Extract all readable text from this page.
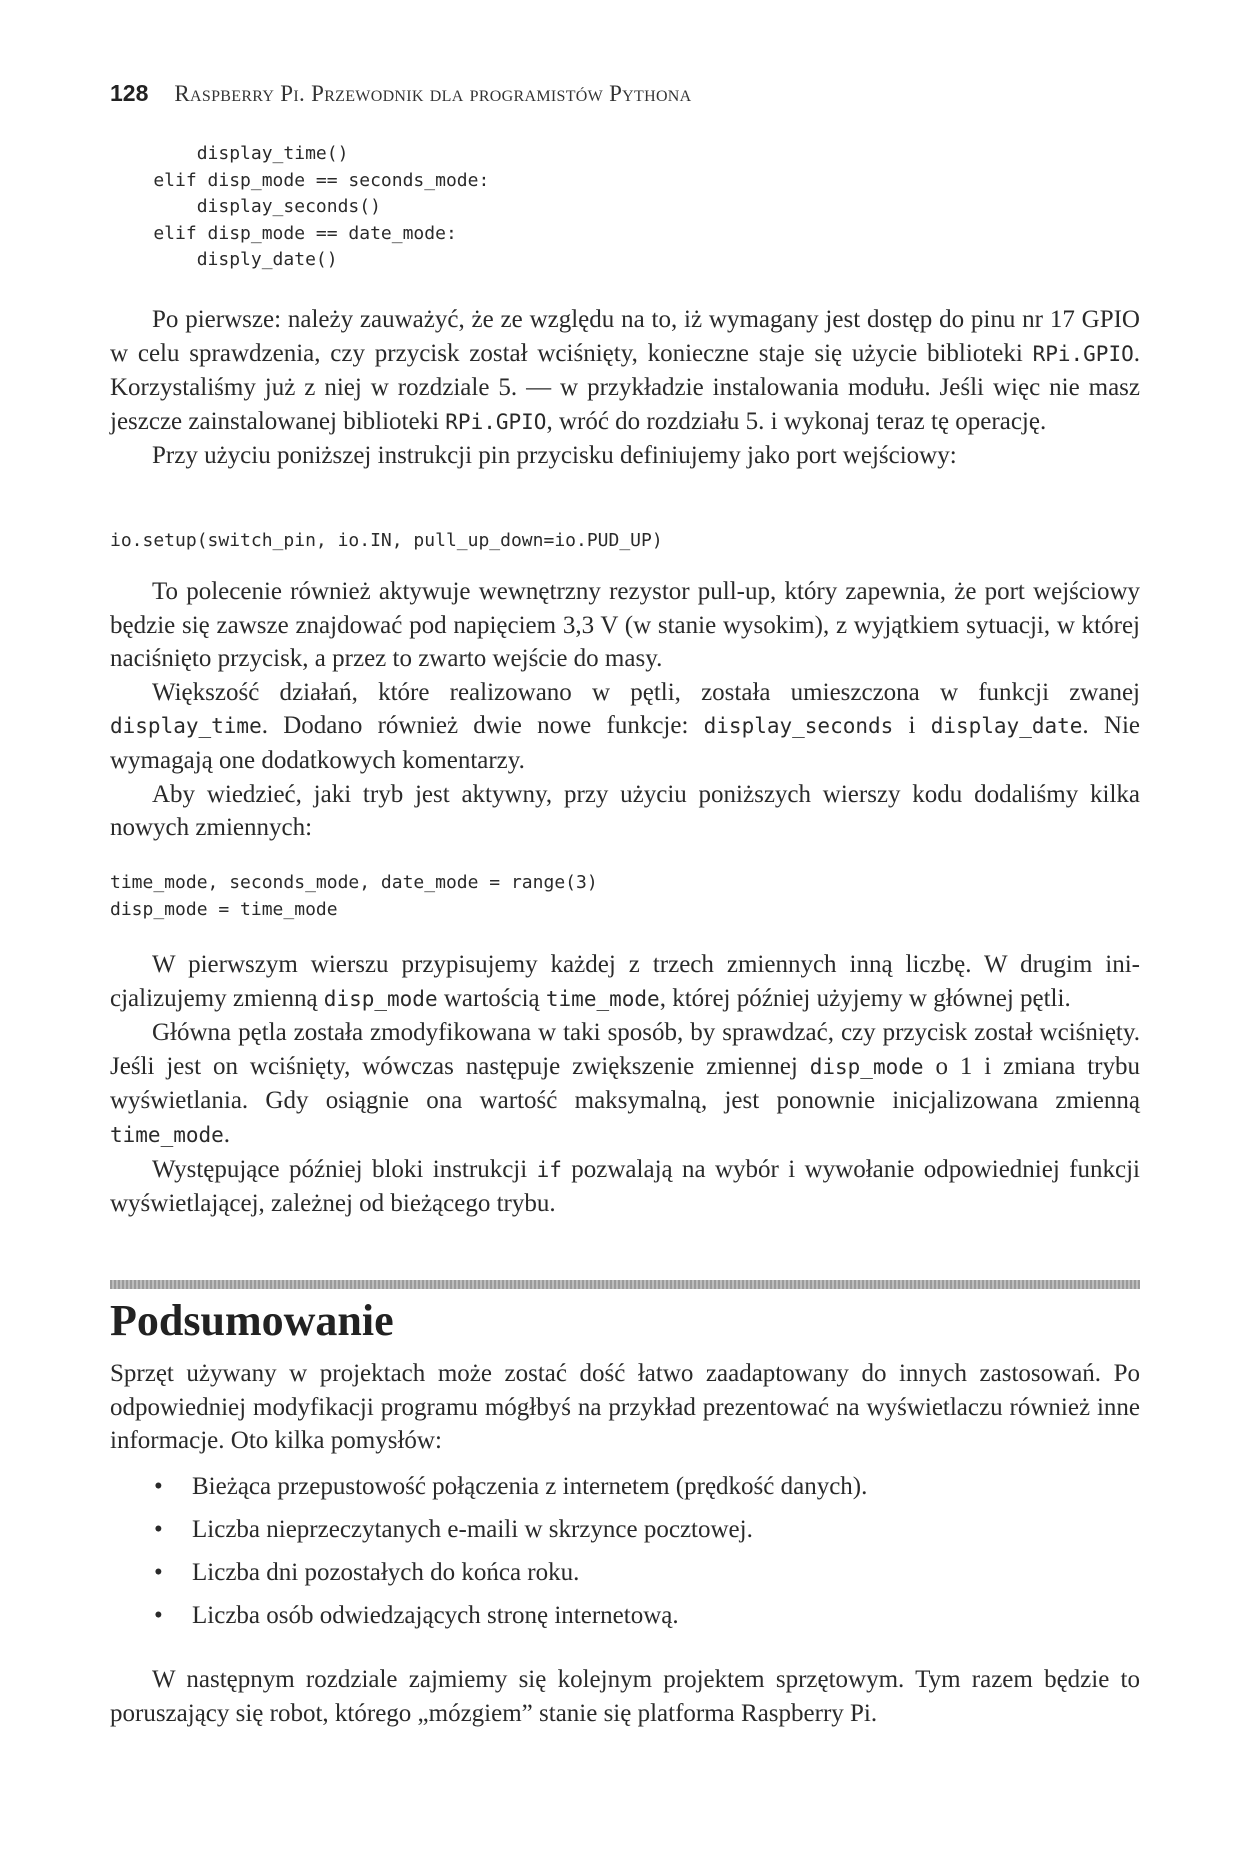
128 Raspberry Pi. Przewodnik dla programistów Pythona
display_time()
elif disp_mode == seconds_mode:
display_seconds()
elif disp_mode == date_mode:
disply_date()

Po pierwsze: należy zauważyć, że ze względu na to, iż wymagany jest dostęp do pinu nr 17 GPIO w celu sprawdzenia, czy przycisk został wciśnięty, konieczne staje się użycie biblioteki RPi.GPIO. Korzystaliśmy już z niej w rozdziale 5. — w przykładzie instalowania modułu. Jeśli więc nie masz jeszcze zainstalowanej biblioteki RPi.GPIO, wróć do rozdziału 5. i wykonaj teraz tę operację.

Przy użyciu poniższej instrukcji pin przycisku definiujemy jako port wejściowy:

io.setup(switch_pin, io.IN, pull_up_down=io.PUD_UP)

To polecenie również aktywuje wewnętrzny rezystor pull-up, który zapewnia, że port wejściowy będzie się zawsze znajdować pod napięciem 3,3 V (w stanie wysokim), z wyjątkiem sytuacji, w której naciśnięto przycisk, a przez to zwarto wejście do masy.

Większość działań, które realizowano w pętli, została umieszczona w funkcji zwanej display_time. Dodano również dwie nowe funkcje: display_seconds i display_date. Nie wymagają one dodatkowych komentarzy.

Aby wiedzieć, jaki tryb jest aktywny, przy użyciu poniższych wierszy kodu dodaliśmy kilka nowych zmiennych:

time_mode, seconds_mode, date_mode = range(3)
disp_mode = time_mode

W pierwszym wierszu przypisujemy każdej z trzech zmiennych inną liczbę. W drugim inicjalizujemy zmienną disp_mode wartością time_mode, której później użyjemy w głównej pętli.

Główna pętla została zmodyfikowana w taki sposób, by sprawdzać, czy przycisk został wciśnięty. Jeśli jest on wciśnięty, wówczas następuje zwiększenie zmiennej disp_mode o 1 i zmiana trybu wyświetlania. Gdy osiągnie ona wartość maksymalną, jest ponownie inicjalizowana zmienną time_mode.

Występujące później bloki instrukcji if pozwalają na wybór i wywołanie odpowiedniej funkcji wyświetlającej, zależnej od bieżącego trybu.

Podsumowanie

Sprzęt używany w projektach może zostać dość łatwo zaadaptowany do innych zastosowań. Po odpowiedniej modyfikacji programu mógłbyś na przykład prezentować na wyświetlaczu również inne informacje. Oto kilka pomysłów:

• Bieżąca przepustowość połączenia z internetem (prędkość danych).
• Liczba nieprzeczytanych e-maili w skrzynce pocztowej.
• Liczba dni pozostałych do końca roku.
• Liczba osób odwiedzających stronę internetową.

W następnym rozdziale zajmiemy się kolejnym projektem sprzętowym. Tym razem będzie to poruszający się robot, którego „mózgiem” stanie się platforma Raspberry Pi.
